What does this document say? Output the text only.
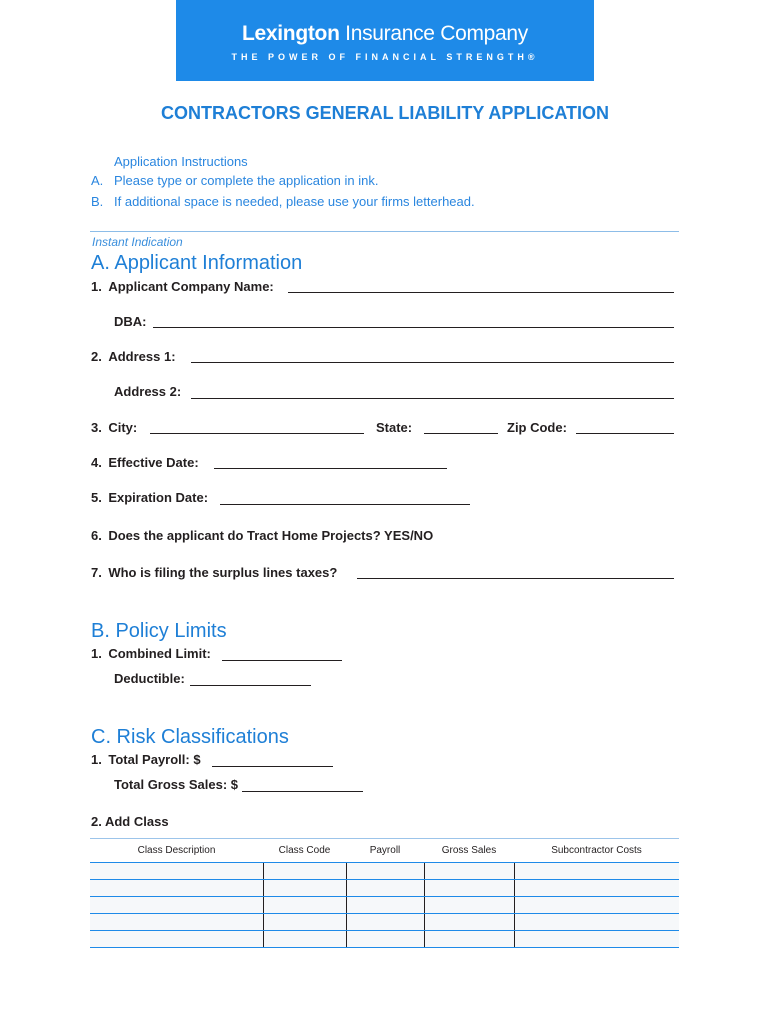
Lexington Insurance Company
THE POWER OF FINANCIAL STRENGTH®
CONTRACTORS GENERAL LIABILITY APPLICATION
Application Instructions
A. Please type or complete the application in ink.
B. If additional space is needed, please use your firms letterhead.
Instant Indication
A. Applicant Information
1. Applicant Company Name:
DBA:
2. Address 1:
Address 2:
3. City:	State:	Zip Code:
4. Effective Date:
5. Expiration Date:
6. Does the applicant do Tract Home Projects? YES/NO
7. Who is filing the surplus lines taxes?
B. Policy Limits
1. Combined Limit:
Deductible:
C. Risk Classifications
1. Total Payroll: $
Total Gross Sales: $
2. Add Class
Class Description	Class Code	Payroll	Gross Sales	Subcontractor Costs
